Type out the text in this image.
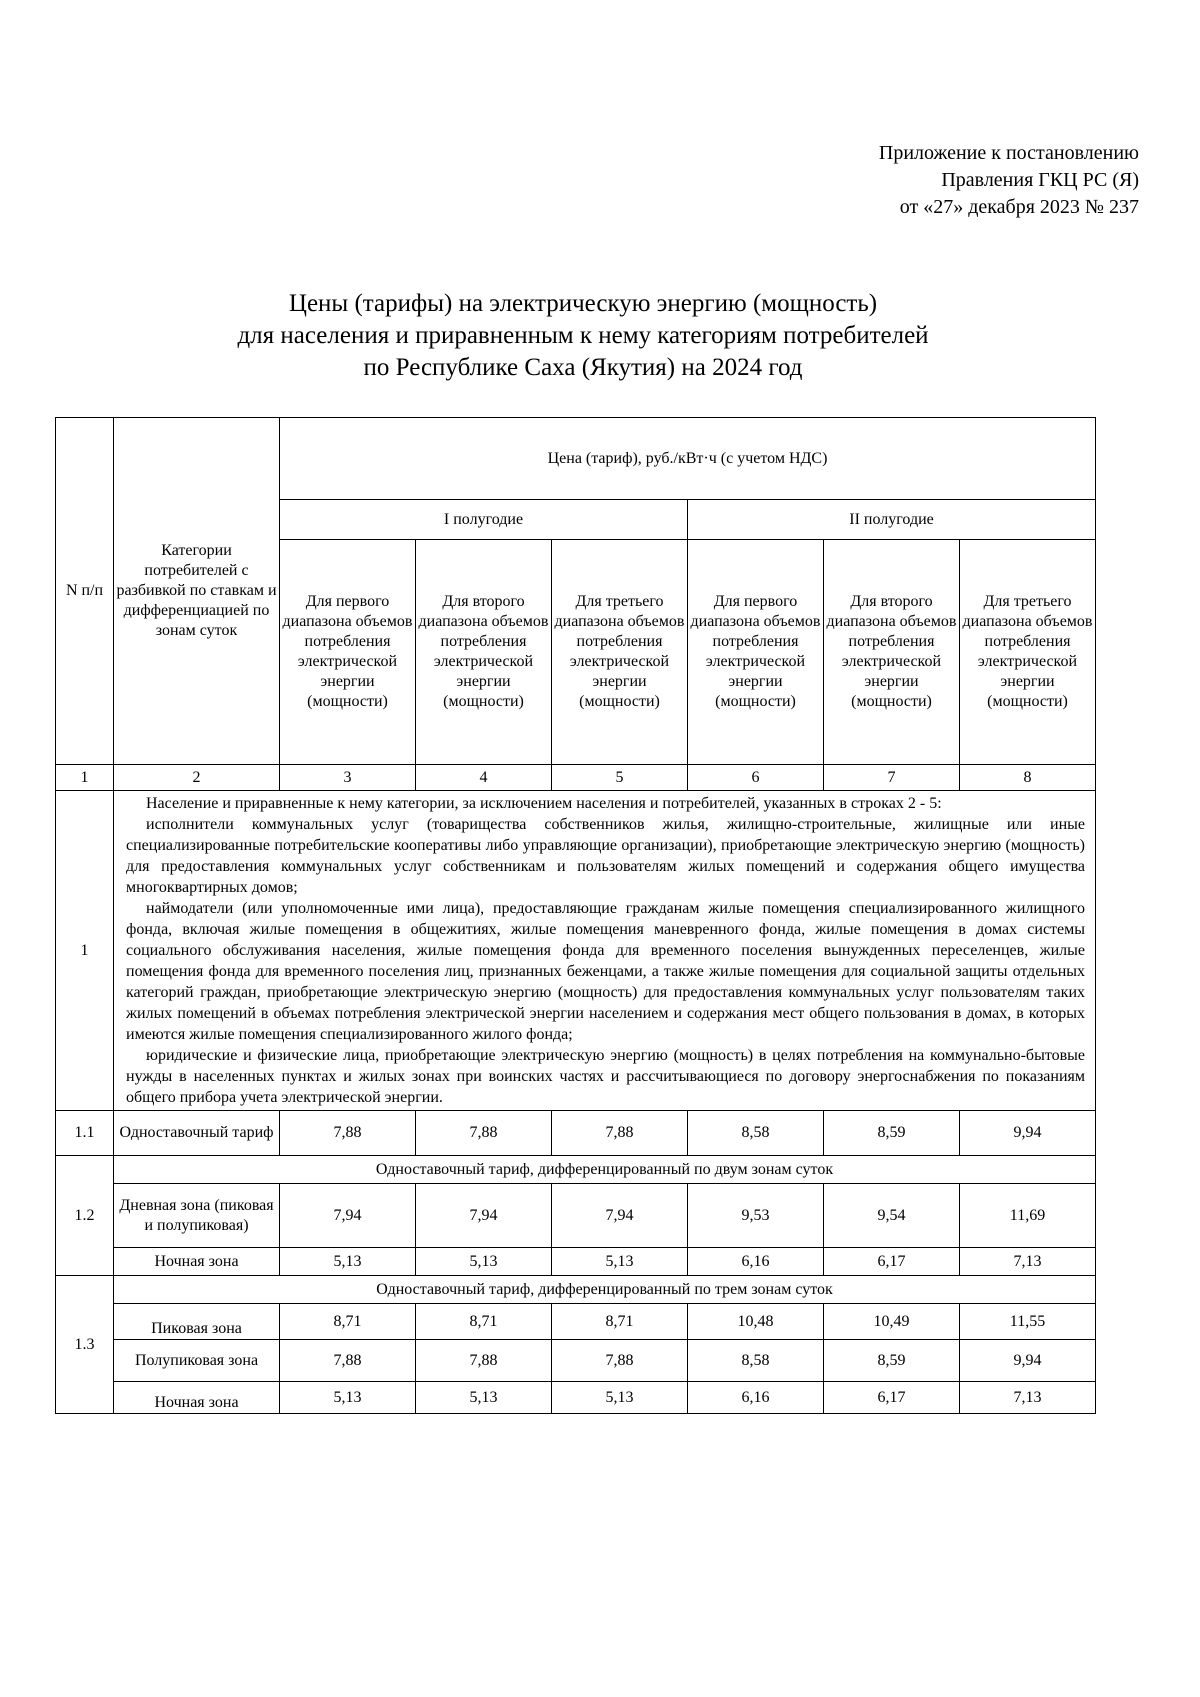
Приложение к постановлению
Правления ГКЦ РС (Я)
от «27» декабря 2023 № 237
Цены (тарифы) на электрическую энергию (мощность)
для населения и приравненным к нему категориям потребителей
по Республике Саха (Якутия) на 2024 год
N п/п	Категории потребителей с разбивкой по ставкам и дифференциацией по зонам суток	Цена (тариф), руб./кВт·ч (с учетом НДС)					
		I полугодие			II полугодие		
		Для первого диапазона объемов потребления электрической энергии (мощности)	Для второго диапазона объемов потребления электрической энергии (мощности)	Для третьего диапазона объемов потребления электрической энергии (мощности)	Для первого диапазона объемов потребления электрической энергии (мощности)	Для второго диапазона объемов потребления электрической энергии (мощности)	Для третьего диапазона объемов потребления электрической энергии (мощности)
1	2	3	4	5	6	7	8
1	Население и приравненные к нему категории, за исключением населения и потребителей, указанных в строках 2 - 5:

исполнители коммунальных услуг (товарищества собственников жилья, жилищно-строительные, жилищные или иные специализированные потребительские кооперативы либо управляющие организации), приобретающие электрическую энергию (мощность) для предоставления коммунальных услуг собственникам и пользователям жилых помещений и содержания общего имущества многоквартирных домов;

наймодатели (или уполномоченные ими лица), предоставляющие гражданам жилые помещения специализированного жилищного фонда, включая жилые помещения в общежитиях, жилые помещения маневренного фонда, жилые помещения в домах системы социального обслуживания населения, жилые помещения фонда для временного поселения вынужденных переселенцев, жилые помещения фонда для временного поселения лиц, признанных беженцами, а также жилые помещения для социальной защиты отдельных категорий граждан, приобретающие электрическую энергию (мощность) для предоставления коммунальных услуг пользователям таких жилых помещений в объемах потребления электрической энергии населением и содержания мест общего пользования в домах, в которых имеются жилые помещения специализированного жилого фонда;

юридические и физические лица, приобретающие электрическую энергию (мощность) в целях потребления на коммунально-бытовые нужды в населенных пунктах и жилых зонах при воинских частях и рассчитывающиеся по договору энергоснабжения по показаниям общего прибора учета электрической энергии.						

1.1	Одноставочный тариф	7,88	7,88	7,88	8,58	8,59	9,94
1.2	Одноставочный тариф, дифференцированный по двум зонам суток						
	Дневная зона (пиковая и полупиковая)	7,94	7,94	7,94	9,53	9,54	11,69
	Ночная зона	5,13	5,13	5,13	6,16	6,17	7,13
1.3	Одноставочный тариф, дифференцированный по трем зонам суток						
	Пиковая зона	8,71	8,71	8,71	10,48	10,49	11,55
	Полупиковая зона	7,88	7,88	7,88	8,58	8,59	9,94
	Ночная зона	5,13	5,13	5,13	6,16	6,17	7,13
